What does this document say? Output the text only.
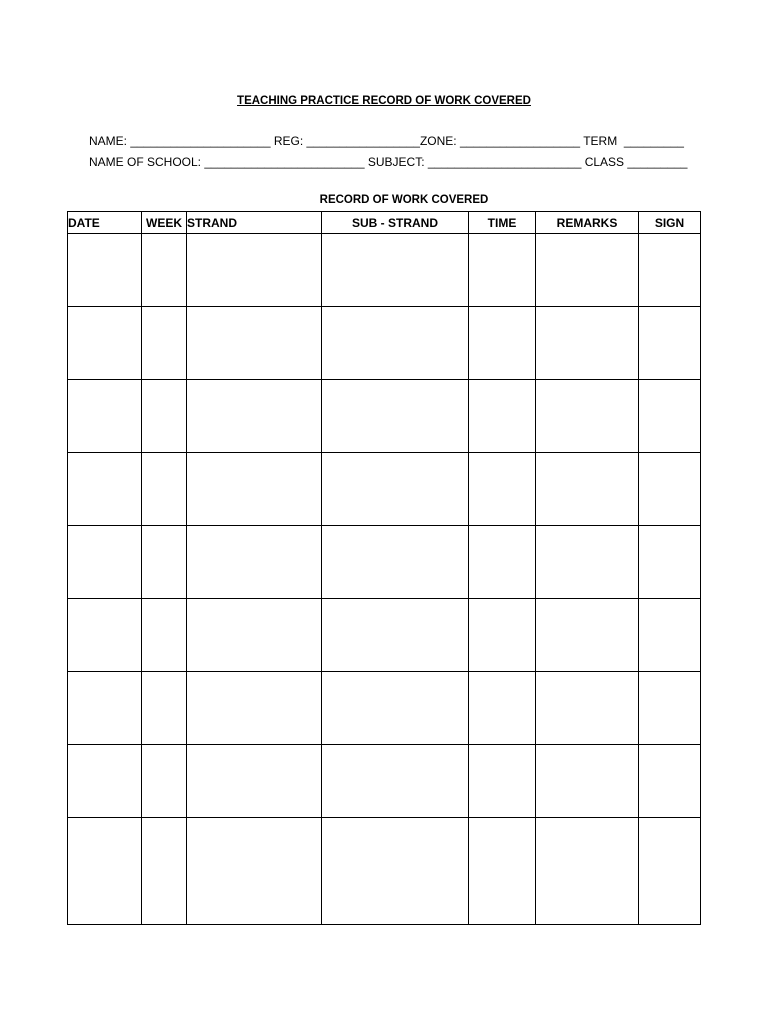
TEACHING PRACTICE RECORD OF WORK COVERED
NAME: _____________________ REG: _________________ZONE: __________________ TERM  _________
NAME OF SCHOOL: ________________________ SUBJECT: _______________________ CLASS _________
RECORD OF WORK COVERED
DATE	WEEK	STRAND	SUB - STRAND	TIME	REMARKS	SIGN
